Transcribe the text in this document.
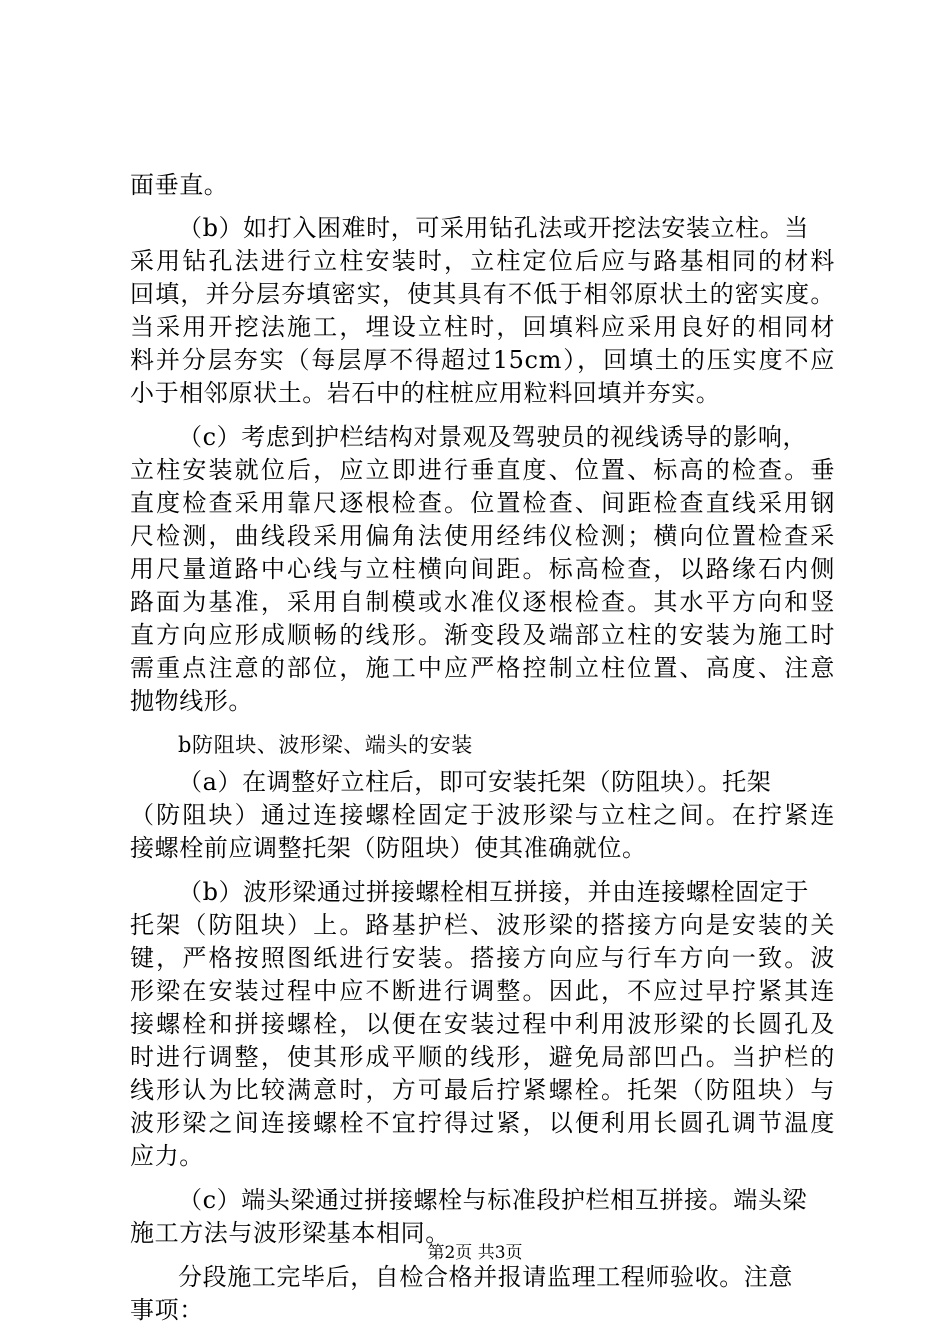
面垂直。
（b）如打入困难时，可采用钻孔法或开挖法安装立柱。当
采用钻孔法进行立柱安装时，立柱定位后应与路基相同的材料
回填，并分层夯填密实，使其具有不低于相邻原状土的密实度。
当采用开挖法施工，埋设立柱时，回填料应采用良好的相同材
料并分层夯实（每层厚不得超过15cm），回填土的压实度不应
小于相邻原状土。岩石中的柱桩应用粒料回填并夯实。
（c）考虑到护栏结构对景观及驾驶员的视线诱导的影响，
立柱安装就位后，应立即进行垂直度、位置、标高的检查。垂
直度检查采用靠尺逐根检查。位置检查、间距检查直线采用钢
尺检测，曲线段采用偏角法使用经纬仪检测；横向位置检查采
用尺量道路中心线与立柱横向间距。标高检查，以路缘石内侧
路面为基准，采用自制模或水准仪逐根检查。其水平方向和竖
直方向应形成顺畅的线形。渐变段及端部立柱的安装为施工时
需重点注意的部位，施工中应严格控制立柱位置、高度、注意
抛物线形。
b防阻块、波形梁、端头的安装
（a）在调整好立柱后，即可安装托架（防阻块）。托架
（防阻块）通过连接螺栓固定于波形梁与立柱之间。在拧紧连
接螺栓前应调整托架（防阻块）使其准确就位。
（b）波形梁通过拼接螺栓相互拼接，并由连接螺栓固定于
托架（防阻块）上。路基护栏、波形梁的搭接方向是安装的关
键，严格按照图纸进行安装。搭接方向应与行车方向一致。波
形梁在安装过程中应不断进行调整。因此，不应过早拧紧其连
接螺栓和拼接螺栓，以便在安装过程中利用波形梁的长圆孔及
时进行调整，使其形成平顺的线形，避免局部凹凸。当护栏的
线形认为比较满意时，方可最后拧紧螺栓。托架（防阻块）与
波形梁之间连接螺栓不宜拧得过紧，以便利用长圆孔调节温度
应力。
（c）端头梁通过拼接螺栓与标准段护栏相互拼接。端头梁
施工方法与波形梁基本相同。
分段施工完毕后，自检合格并报请监理工程师验收。注意
事项：
第2页 共3页
